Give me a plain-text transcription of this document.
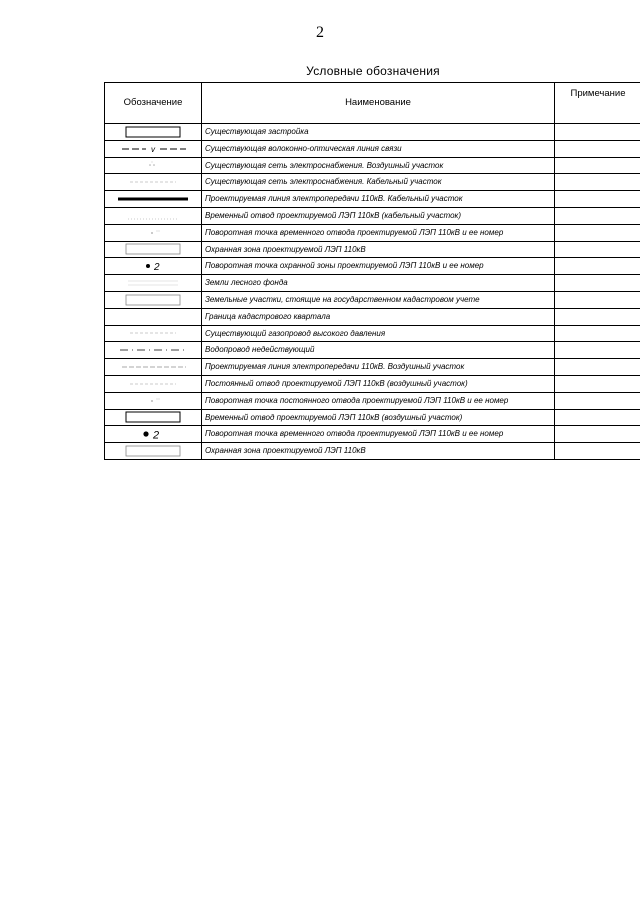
2
Условные обозначения
Обозначение	Наименование	Примечание

	Существующая застройка	

v	Существующая волоконно-оптическая линия связи	

	Существующая сеть электроснабжения. Воздушный участок	

	Существующая сеть электроснабжения. Кабельный участок	

	Проектируемая линия электропередачи 110кВ. Кабельный участок	

	Временный отвод проектируемой ЛЭП 110кВ (кабельный участок)	

	Поворотная точка временного отвода проектируемой ЛЭП 110кВ и ее номер	

	Охранная зона проектируемой ЛЭП 110кВ	

2	Поворотная точка охранной зоны проектируемой ЛЭП 110кВ и ее номер	

	Земли лесного фонда	

	Земельные участки, стоящие на государственном кадастровом учете	

	Граница кадастрового квартала	

	Существующий газопровод высокого давления	

	Водопровод недействующий	

	Проектируемая линия электропередачи 110кВ. Воздушный участок	

	Постоянный отвод проектируемой ЛЭП 110кВ (воздушный участок)	

	Поворотная точка постоянного отвода проектируемой ЛЭП 110кВ и ее номер	

	Временный отвод проектируемой ЛЭП 110кВ (воздушный участок)	

2	Поворотная точка временного отвода проектируемой ЛЭП 110кВ и ее номер	

	Охранная зона проектируемой ЛЭП 110кВ	
